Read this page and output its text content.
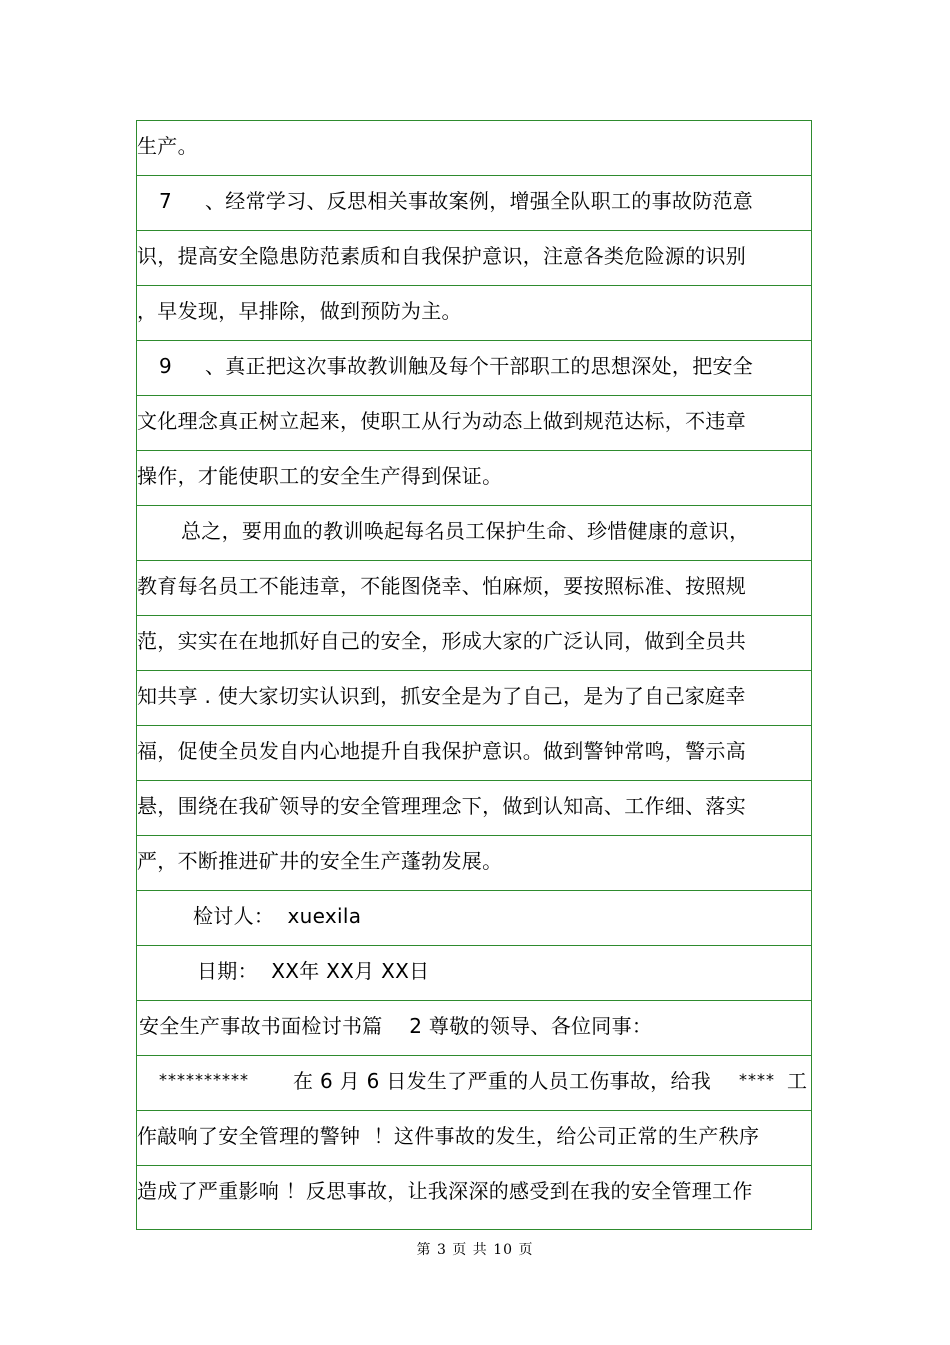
生产。
7 、经常学习、反思相关事故案例，增强全队职工的事故防范意
识，提高安全隐患防范素质和自我保护意识，注意各类危险源的识别
，早发现，早排除，做到预防为主。
9 、真正把这次事故教训触及每个干部职工的思想深处，把安全
文化理念真正树立起来，使职工从行为动态上做到规范达标，不违章
操作，才能使职工的安全生产得到保证。
总之，要用血的教训唤起每名员工保护生命、珍惜健康的意识，
教育每名员工不能违章，不能图侥幸、怕麻烦，要按照标准、按照规
范，实实在在地抓好自己的安全，形成大家的广泛认同，做到全员共
知共享 . 使大家切实认识到，抓安全是为了自己，是为了自己家庭幸
福，促使全员发自内心地提升自我保护意识。做到警钟常鸣，警示高
悬，围绕在我矿领导的安全管理理念下，做到认知高、工作细、落实
严，不断推进矿井的安全生产蓬勃发展。
检讨人：  xuexila
日期：  XX年 XX月 XX日
安全生产事故书面检讨书篇    2 尊敬的领导、各位同事：
********** 在 6 月 6 日发生了严重的人员工伤事故，给我 **** 工
作敲响了安全管理的警钟  ！这件事故的发生，给公司正常的生产秩序
造成了严重影响 ！反思事故，让我深深的感受到在我的安全管理工作
第 3 页 共 10 页
